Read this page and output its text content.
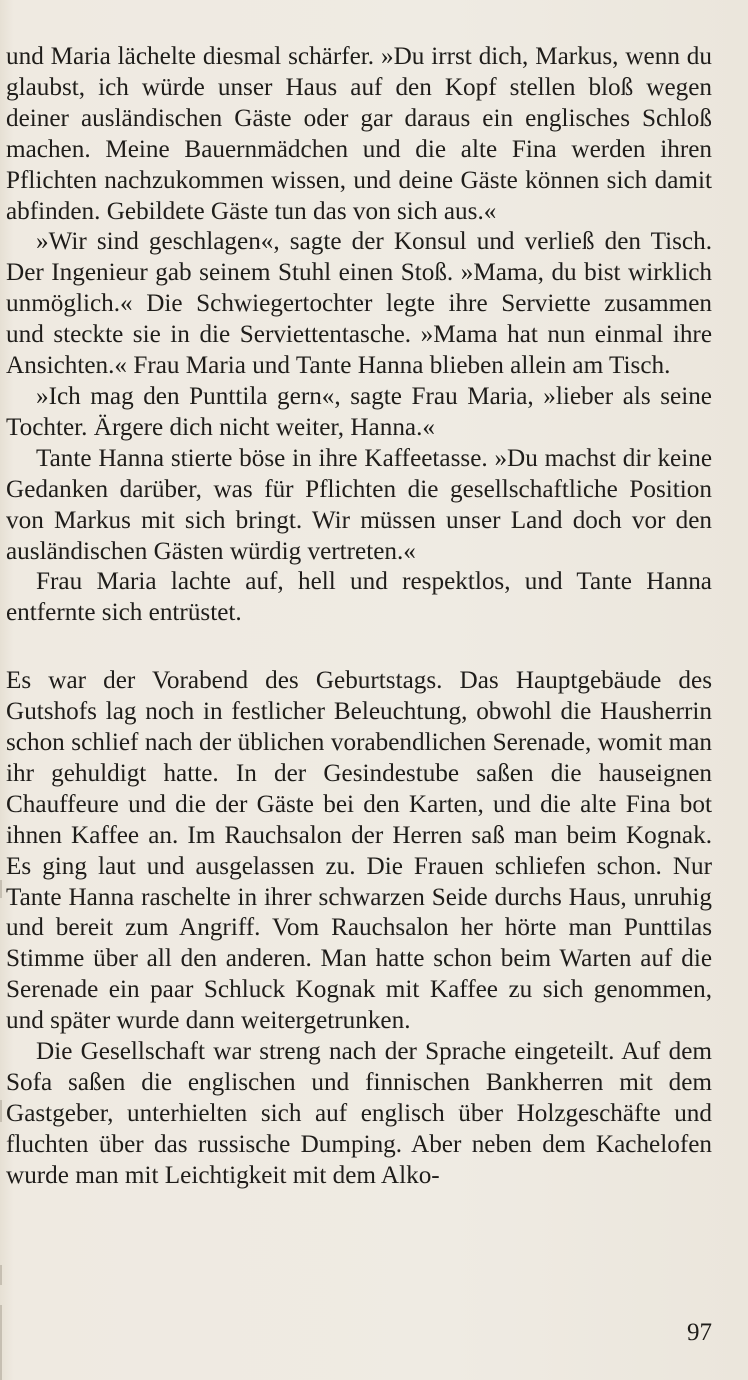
und Maria lächelte diesmal schärfer. »Du irrst dich, Markus, wenn du glaubst, ich würde unser Haus auf den Kopf stellen bloß wegen deiner ausländischen Gäste oder gar daraus ein englisches Schloß machen. Meine Bauernmädchen und die alte Fina werden ihren Pflichten nachzukommen wissen, und deine Gäste können sich damit abfinden. Gebildete Gäste tun das von sich aus.«

»Wir sind geschlagen«, sagte der Konsul und verließ den Tisch. Der Ingenieur gab seinem Stuhl einen Stoß. »Mama, du bist wirklich unmöglich.« Die Schwiegertochter legte ihre Serviette zusammen und steckte sie in die Serviettentasche. »Mama hat nun einmal ihre Ansichten.« Frau Maria und Tante Hanna blieben allein am Tisch.

»Ich mag den Punttila gern«, sagte Frau Maria, »lieber als seine Tochter. Ärgere dich nicht weiter, Hanna.«

Tante Hanna stierte böse in ihre Kaffeetasse. »Du machst dir keine Gedanken darüber, was für Pflichten die gesellschaftliche Position von Markus mit sich bringt. Wir müssen unser Land doch vor den ausländischen Gästen würdig vertreten.«

Frau Maria lachte auf, hell und respektlos, und Tante Hanna entfernte sich entrüstet.

Es war der Vorabend des Geburtstags. Das Hauptgebäude des Gutshofs lag noch in festlicher Beleuchtung, obwohl die Hausherrin schon schlief nach der üblichen vorabendlichen Serenade, womit man ihr gehuldigt hatte. In der Gesindestube saßen die hauseignen Chauffeure und die der Gäste bei den Karten, und die alte Fina bot ihnen Kaffee an. Im Rauchsalon der Herren saß man beim Kognak. Es ging laut und ausgelassen zu. Die Frauen schliefen schon. Nur Tante Hanna raschelte in ihrer schwarzen Seide durchs Haus, unruhig und bereit zum Angriff. Vom Rauchsalon her hörte man Punttilas Stimme über all den anderen. Man hatte schon beim Warten auf die Serenade ein paar Schluck Kognak mit Kaffee zu sich genommen, und später wurde dann weitergetrunken.

Die Gesellschaft war streng nach der Sprache eingeteilt. Auf dem Sofa saßen die englischen und finnischen Bankherren mit dem Gastgeber, unterhielten sich auf englisch über Holzgeschäfte und fluchten über das russische Dumping. Aber neben dem Kachelofen wurde man mit Leichtigkeit mit dem Alko-

97
